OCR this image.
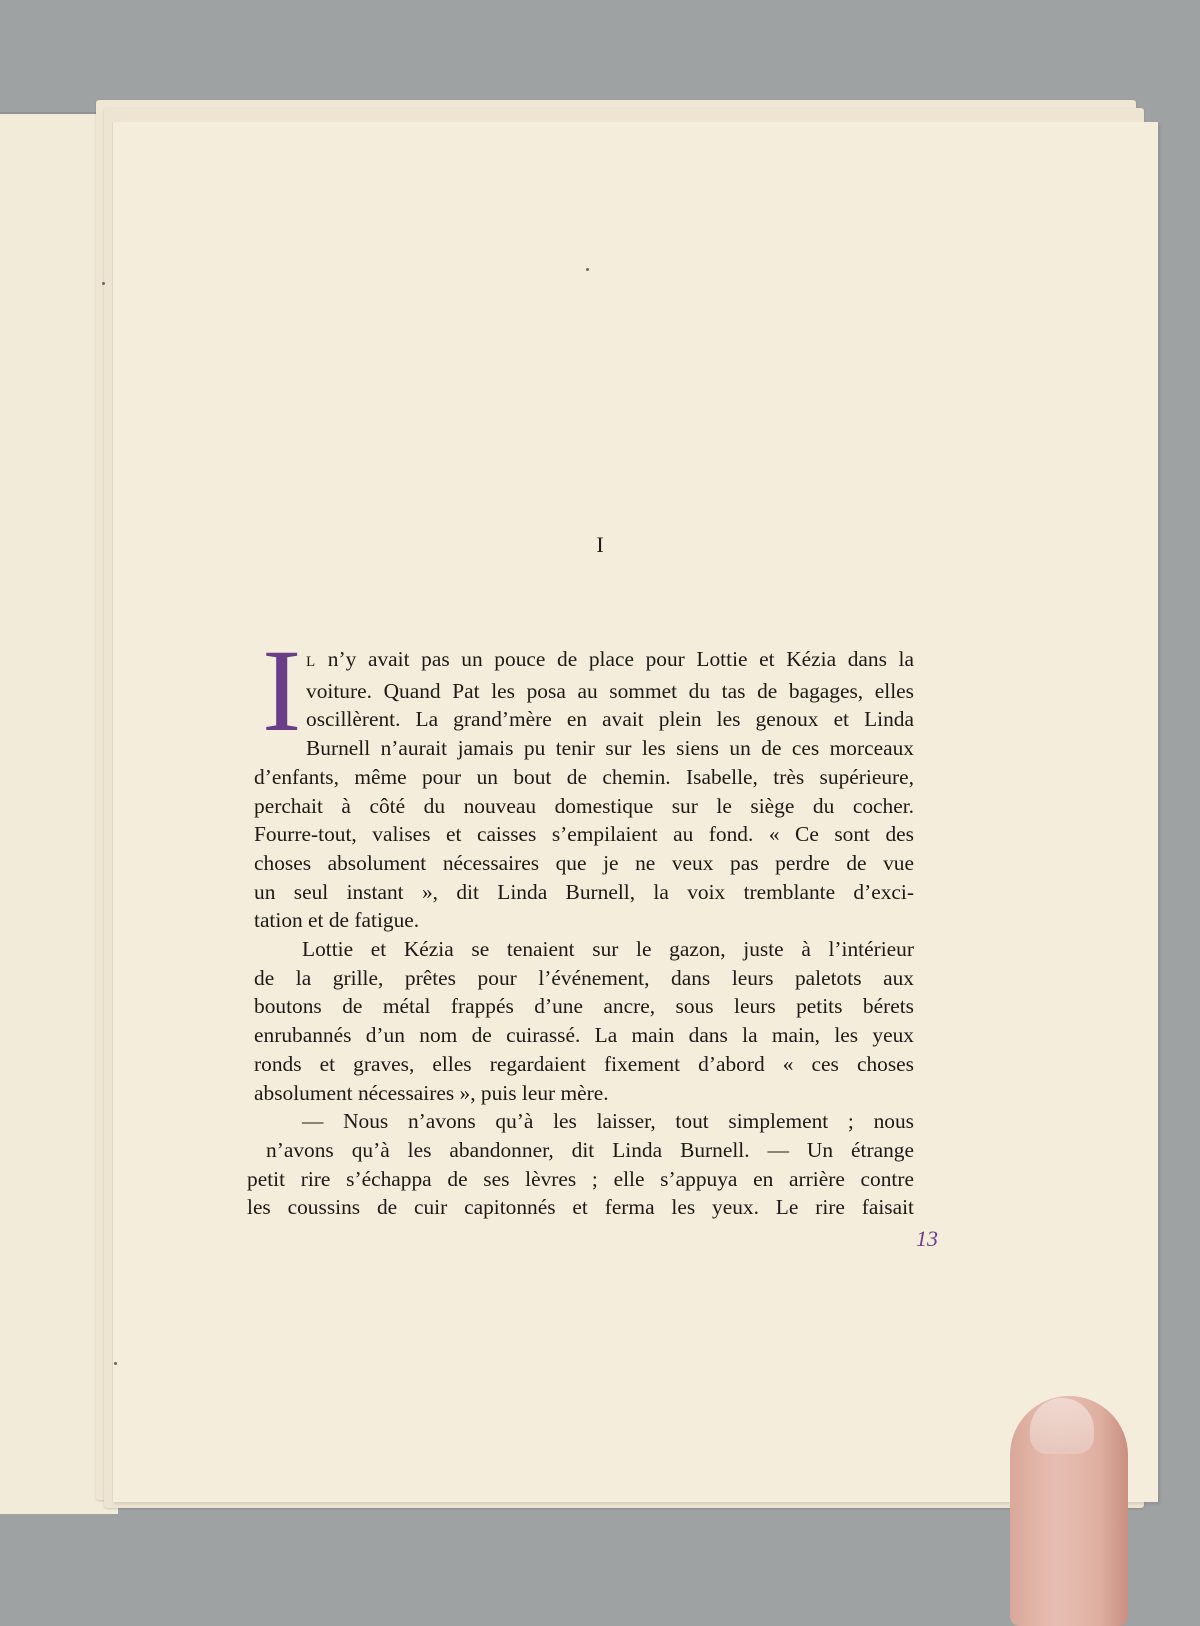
I
I L n’y avait pas un pouce de place pour Lottie et Kézia dans la
voiture. Quand Pat les posa au sommet du tas de bagages, elles
oscillèrent. La grand’mère en avait plein les genoux et Linda
Burnell n’aurait jamais pu tenir sur les siens un de ces morceaux
d’enfants, même pour un bout de chemin. Isabelle, très supérieure,
perchait à côté du nouveau domestique sur le siège du cocher.
Fourre-tout, valises et caisses s’empilaient au fond. « Ce sont des
choses absolument nécessaires que je ne veux pas perdre de vue
un seul instant », dit Linda Burnell, la voix tremblante d’exci-
tation et de fatigue.
Lottie et Kézia se tenaient sur le gazon, juste à l’intérieur
de la grille, prêtes pour l’événement, dans leurs paletots aux
boutons de métal frappés d’une ancre, sous leurs petits bérets
enrubannés d’un nom de cuirassé. La main dans la main, les yeux
ronds et graves, elles regardaient fixement d’abord « ces choses
absolument nécessaires », puis leur mère.
— Nous n’avons qu’à les laisser, tout simplement ; nous
n’avons qu’à les abandonner, dit Linda Burnell. — Un étrange
petit rire s’échappa de ses lèvres ; elle s’appuya en arrière contre
les coussins de cuir capitonnés et ferma les yeux. Le rire faisait
13
